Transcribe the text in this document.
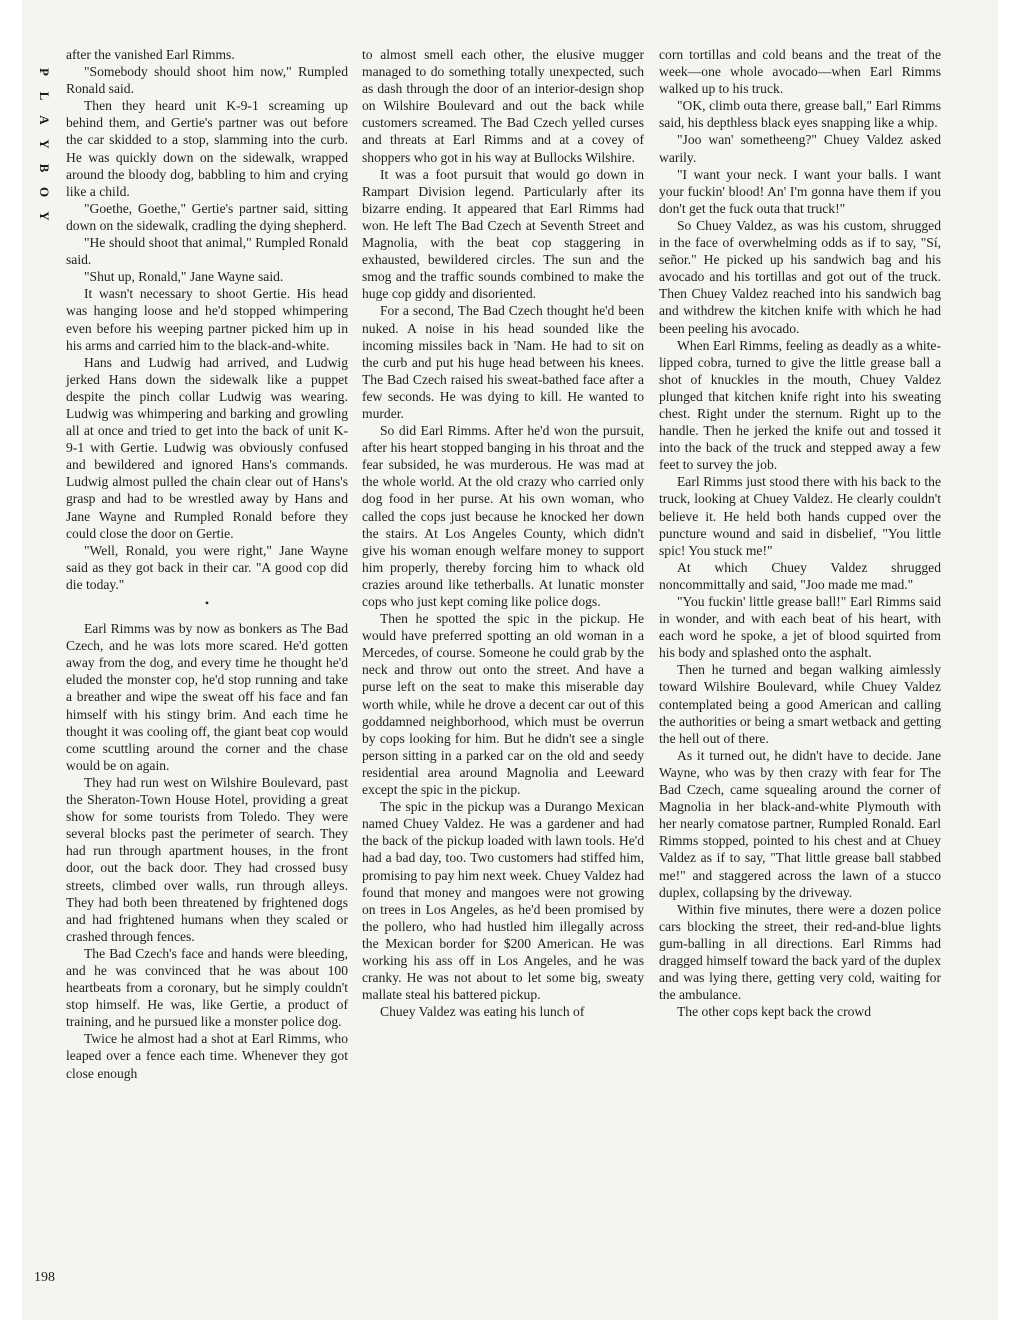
P
L
A
Y
B
O
Y

after the vanished Earl Rimms.

"Somebody should shoot him now," Rumpled Ronald said.

Then they heard unit K-9-1 screaming up behind them, and Gertie's partner was out before the car skidded to a stop, slamming into the curb. He was quickly down on the sidewalk, wrapped around the bloody dog, babbling to him and crying like a child.

"Goethe, Goethe," Gertie's partner said, sitting down on the sidewalk, cradling the dying shepherd.

"He should shoot that animal," Rumpled Ronald said.

"Shut up, Ronald," Jane Wayne said.

It wasn't necessary to shoot Gertie. His head was hanging loose and he'd stopped whimpering even before his weeping partner picked him up in his arms and carried him to the black-and-white.

Hans and Ludwig had arrived, and Ludwig jerked Hans down the sidewalk like a puppet despite the pinch collar Ludwig was wearing. Ludwig was whimpering and barking and growling all at once and tried to get into the back of unit K-9-1 with Gertie. Ludwig was obviously confused and bewildered and ignored Hans's commands. Ludwig almost pulled the chain clear out of Hans's grasp and had to be wrestled away by Hans and Jane Wayne and Rumpled Ronald before they could close the door on Gertie.

"Well, Ronald, you were right," Jane Wayne said as they got back in their car. "A good cop did die today."

•

Earl Rimms was by now as bonkers as The Bad Czech, and he was lots more scared. He'd gotten away from the dog, and every time he thought he'd eluded the monster cop, he'd stop running and take a breather and wipe the sweat off his face and fan himself with his stingy brim. And each time he thought it was cooling off, the giant beat cop would come scuttling around the corner and the chase would be on again.

They had run west on Wilshire Boulevard, past the Sheraton-Town House Hotel, providing a great show for some tourists from Toledo. They were several blocks past the perimeter of search. They had run through apartment houses, in the front door, out the back door. They had crossed busy streets, climbed over walls, run through alleys. They had both been threatened by frightened dogs and had frightened humans when they scaled or crashed through fences.

The Bad Czech's face and hands were bleeding, and he was convinced that he was about 100 heartbeats from a coronary, but he simply couldn't stop himself. He was, like Gertie, a product of training, and he pursued like a monster police dog.

Twice he almost had a shot at Earl Rimms, who leaped over a fence each time. Whenever they got close enough

to almost smell each other, the elusive mugger managed to do something totally unexpected, such as dash through the door of an interior-design shop on Wilshire Boulevard and out the back while customers screamed. The Bad Czech yelled curses and threats at Earl Rimms and at a covey of shoppers who got in his way at Bullocks Wilshire.

It was a foot pursuit that would go down in Rampart Division legend. Particularly after its bizarre ending. It appeared that Earl Rimms had won. He left The Bad Czech at Seventh Street and Magnolia, with the beat cop staggering in exhausted, bewildered circles. The sun and the smog and the traffic sounds combined to make the huge cop giddy and disoriented.

For a second, The Bad Czech thought he'd been nuked. A noise in his head sounded like the incoming missiles back in 'Nam. He had to sit on the curb and put his huge head between his knees. The Bad Czech raised his sweat-bathed face after a few seconds. He was dying to kill. He wanted to murder.

So did Earl Rimms. After he'd won the pursuit, after his heart stopped banging in his throat and the fear subsided, he was murderous. He was mad at the whole world. At the old crazy who carried only dog food in her purse. At his own woman, who called the cops just because he knocked her down the stairs. At Los Angeles County, which didn't give his woman enough welfare money to support him properly, thereby forcing him to whack old crazies around like tetherballs. At lunatic monster cops who just kept coming like police dogs.

Then he spotted the spic in the pickup. He would have preferred spotting an old woman in a Mercedes, of course. Someone he could grab by the neck and throw out onto the street. And have a purse left on the seat to make this miserable day worth while, while he drove a decent car out of this goddamned neighborhood, which must be overrun by cops looking for him. But he didn't see a single person sitting in a parked car on the old and seedy residential area around Magnolia and Leeward except the spic in the pickup.

The spic in the pickup was a Durango Mexican named Chuey Valdez. He was a gardener and had the back of the pickup loaded with lawn tools. He'd had a bad day, too. Two customers had stiffed him, promising to pay him next week. Chuey Valdez had found that money and mangoes were not growing on trees in Los Angeles, as he'd been promised by the pollero, who had hustled him illegally across the Mexican border for $200 American. He was working his ass off in Los Angeles, and he was cranky. He was not about to let some big, sweaty mallate steal his battered pickup.

Chuey Valdez was eating his lunch of

corn tortillas and cold beans and the treat of the week—one whole avocado—when Earl Rimms walked up to his truck.

"OK, climb outa there, grease ball," Earl Rimms said, his depthless black eyes snapping like a whip.

"Joo wan' sometheeng?" Chuey Valdez asked warily.

"I want your neck. I want your balls. I want your fuckin' blood! An' I'm gonna have them if you don't get the fuck outa that truck!"

So Chuey Valdez, as was his custom, shrugged in the face of overwhelming odds as if to say, "Sí, señor." He picked up his sandwich bag and his avocado and his tortillas and got out of the truck. Then Chuey Valdez reached into his sandwich bag and withdrew the kitchen knife with which he had been peeling his avocado.

When Earl Rimms, feeling as deadly as a white-lipped cobra, turned to give the little grease ball a shot of knuckles in the mouth, Chuey Valdez plunged that kitchen knife right into his sweating chest. Right under the sternum. Right up to the handle. Then he jerked the knife out and tossed it into the back of the truck and stepped away a few feet to survey the job.

Earl Rimms just stood there with his back to the truck, looking at Chuey Valdez. He clearly couldn't believe it. He held both hands cupped over the puncture wound and said in disbelief, "You little spic! You stuck me!"

At which Chuey Valdez shrugged noncommittally and said, "Joo made me mad."

"You fuckin' little grease ball!" Earl Rimms said in wonder, and with each beat of his heart, with each word he spoke, a jet of blood squirted from his body and splashed onto the asphalt.

Then he turned and began walking aimlessly toward Wilshire Boulevard, while Chuey Valdez contemplated being a good American and calling the authorities or being a smart wetback and getting the hell out of there.

As it turned out, he didn't have to decide. Jane Wayne, who was by then crazy with fear for The Bad Czech, came squealing around the corner of Magnolia in her black-and-white Plymouth with her nearly comatose partner, Rumpled Ronald. Earl Rimms stopped, pointed to his chest and at Chuey Valdez as if to say, "That little grease ball stabbed me!" and staggered across the lawn of a stucco duplex, collapsing by the driveway.

Within five minutes, there were a dozen police cars blocking the street, their red-and-blue lights gum-balling in all directions. Earl Rimms had dragged himself toward the back yard of the duplex and was lying there, getting very cold, waiting for the ambulance.

The other cops kept back the crowd

198
